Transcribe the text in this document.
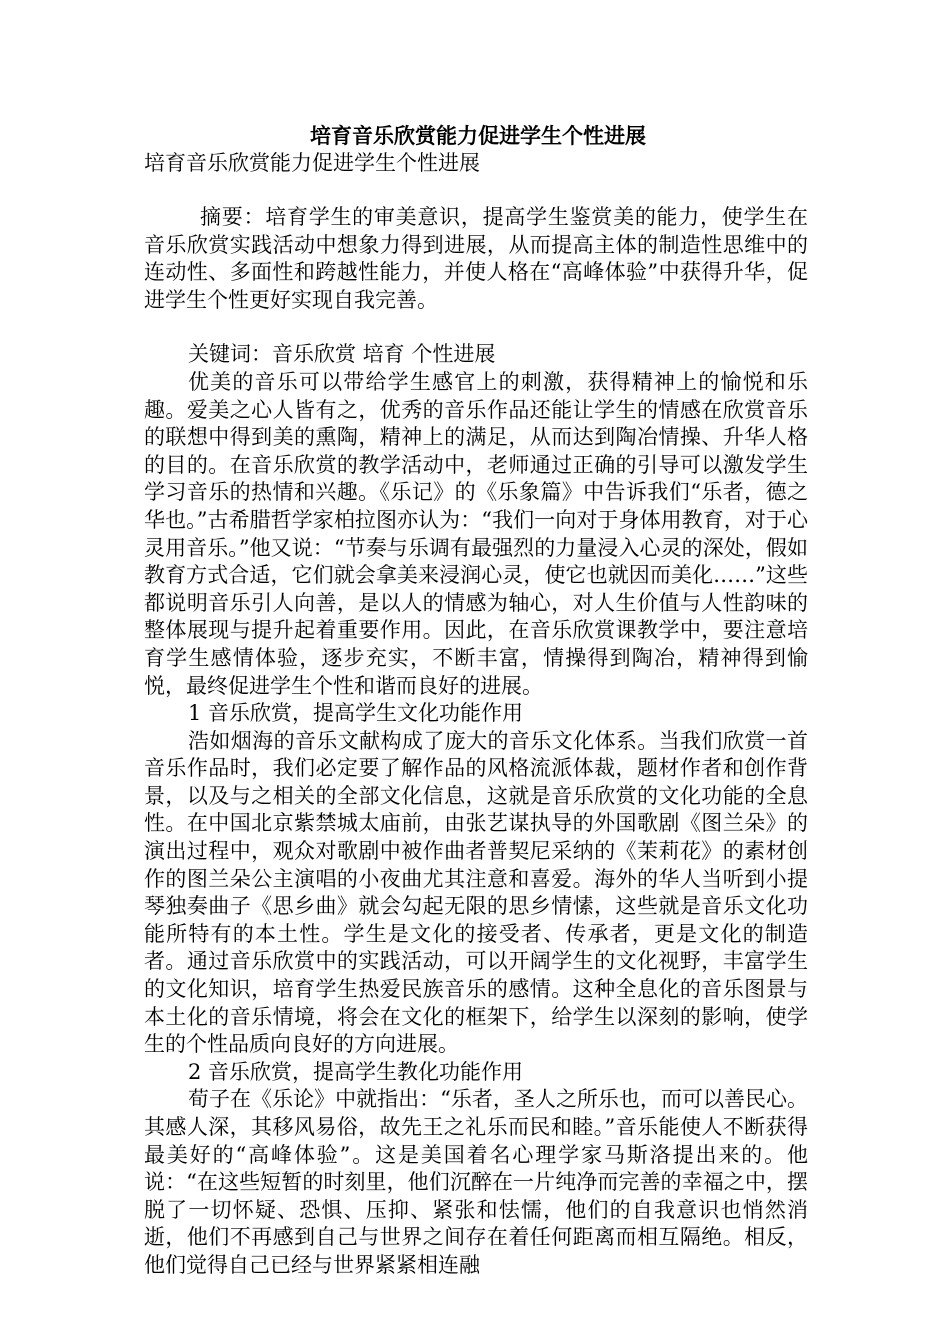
培育音乐欣赏能力促进学生个性进展

培育音乐欣赏能力促进学生个性进展

摘要：培育学生的审美意识，提高学生鉴赏美的能力，使学生在音乐欣赏实践活动中想象力得到进展，从而提高主体的制造性思维中的连动性、多面性和跨越性能力，并使人格在“高峰体验”中获得升华，促进学生个性更好实现自我完善。

关键词：音乐欣赏 培育 个性进展

优美的音乐可以带给学生感官上的刺激，获得精神上的愉悦和乐趣。爱美之心人皆有之，优秀的音乐作品还能让学生的情感在欣赏音乐的联想中得到美的熏陶，精神上的满足，从而达到陶冶情操、升华人格的目的。在音乐欣赏的教学活动中，老师通过正确的引导可以激发学生学习音乐的热情和兴趣。《乐记》的《乐象篇》中告诉我们“乐者，德之华也。”古希腊哲学家柏拉图亦认为：“我们一向对于身体用教育，对于心灵用音乐。”他又说：“节奏与乐调有最强烈的力量浸入心灵的深处，假如教育方式合适，它们就会拿美来浸润心灵，使它也就因而美化……”这些都说明音乐引人向善，是以人的情感为轴心，对人生价值与人性韵味的整体展现与提升起着重要作用。因此，在音乐欣赏课教学中，要注意培育学生感情体验，逐步充实，不断丰富，情操得到陶冶，精神得到愉悦，最终促进学生个性和谐而良好的进展。

1 音乐欣赏，提高学生文化功能作用

浩如烟海的音乐文献构成了庞大的音乐文化体系。当我们欣赏一首音乐作品时，我们必定要了解作品的风格流派体裁，题材作者和创作背景，以及与之相关的全部文化信息，这就是音乐欣赏的文化功能的全息性。在中国北京紫禁城太庙前，由张艺谋执导的外国歌剧《图兰朵》的演出过程中，观众对歌剧中被作曲者普契尼采纳的《茉莉花》的素材创作的图兰朵公主演唱的小夜曲尤其注意和喜爱。海外的华人当听到小提琴独奏曲子《思乡曲》就会勾起无限的思乡情愫，这些就是音乐文化功能所特有的本土性。学生是文化的接受者、传承者，更是文化的制造者。通过音乐欣赏中的实践活动，可以开阔学生的文化视野，丰富学生的文化知识，培育学生热爱民族音乐的感情。这种全息化的音乐图景与本土化的音乐情境，将会在文化的框架下，给学生以深刻的影响，使学生的个性品质向良好的方向进展。

2 音乐欣赏，提高学生教化功能作用

荀子在《乐论》中就指出：“乐者，圣人之所乐也，而可以善民心。其感人深，其移风易俗，故先王之礼乐而民和睦。”音乐能使人不断获得最美好的“高峰体验”。这是美国着名心理学家马斯洛提出来的。他说：“在这些短暂的时刻里，他们沉醉在一片纯净而完善的幸福之中，摆脱了一切怀疑、恐惧、压抑、紧张和怯懦，他们的自我意识也悄然消逝，他们不再感到自己与世界之间存在着任何距离而相互隔绝。相反，他们觉得自己已经与世界紧紧相连融
